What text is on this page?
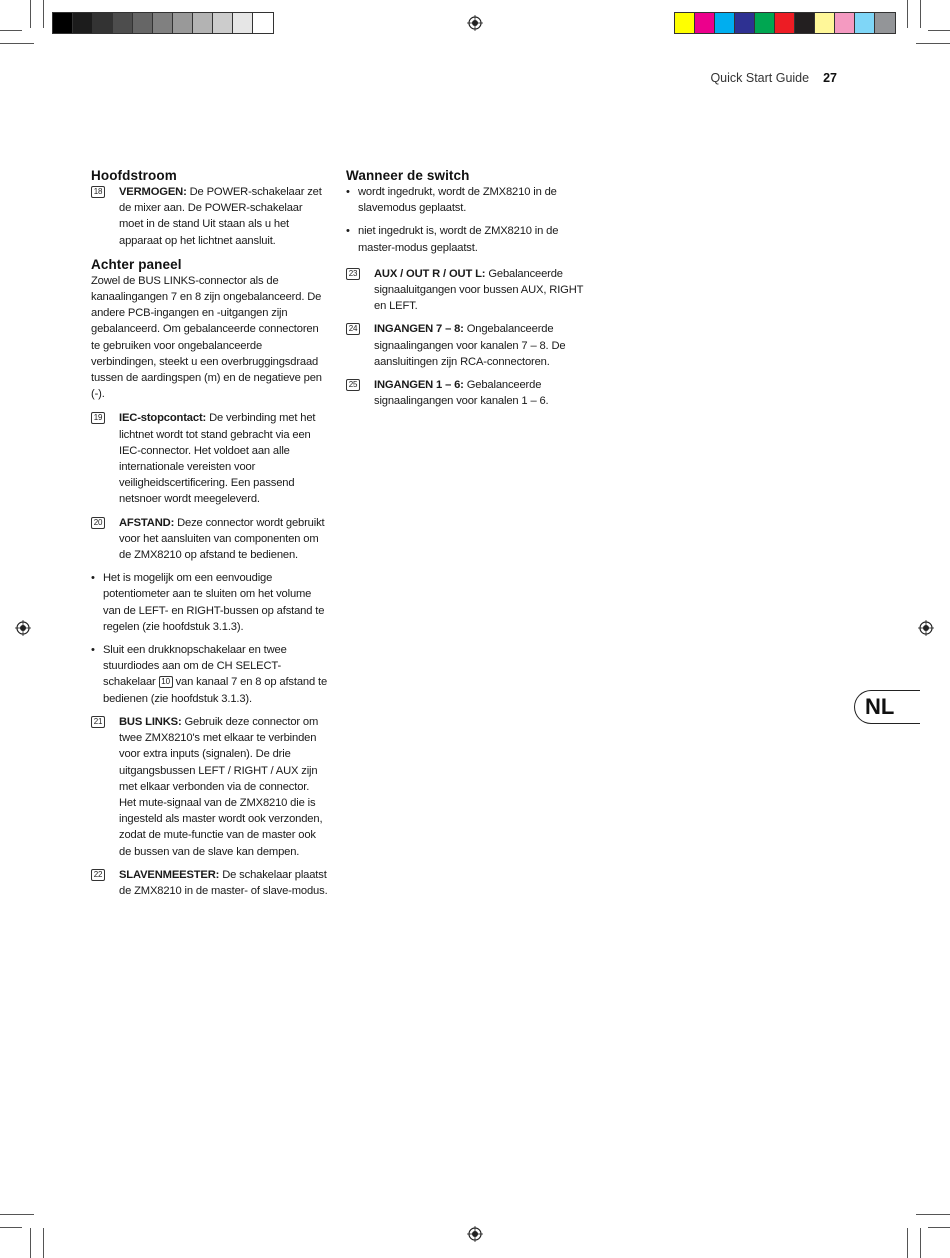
Quick Start Guide 27
Hoofdstroom
18 VERMOGEN: De POWER-schakelaar zet de mixer aan. De POWER-schakelaar moet in de stand Uit staan als u het apparaat op het lichtnet aansluit.
Achter paneel
Zowel de BUS LINKS-connector als de kanaalingangen 7 en 8 zijn ongebalanceerd. De andere PCB-ingangen en -uitgangen zijn gebalanceerd. Om gebalanceerde connectoren te gebruiken voor ongebalanceerde verbindingen, steekt u een overbruggingsdraad tussen de aardingspen (m) en de negatieve pen (-).
19 IEC-stopcontact: De verbinding met het lichtnet wordt tot stand gebracht via een IEC-connector. Het voldoet aan alle internationale vereisten voor veiligheidscertificering. Een passend netsnoer wordt meegeleverd.
20 AFSTAND: Deze connector wordt gebruikt voor het aansluiten van componenten om de ZMX8210 op afstand te bedienen.
• Het is mogelijk om een eenvoudige potentiometer aan te sluiten om het volume van de LEFT- en RIGHT-bussen op afstand te regelen (zie hoofdstuk 3.1.3).
• Sluit een drukknopschakelaar en twee stuurdiodes aan om de CH SELECT-schakelaar 10 van kanaal 7 en 8 op afstand te bedienen (zie hoofdstuk 3.1.3).
21 BUS LINKS: Gebruik deze connector om twee ZMX8210's met elkaar te verbinden voor extra inputs (signalen). De drie uitgangsbussen LEFT / RIGHT / AUX zijn met elkaar verbonden via de connector. Het mute-signaal van de ZMX8210 die is ingesteld als master wordt ook verzonden, zodat de mute-functie van de master ook de bussen van de slave kan dempen.
22 SLAVENMEESTER: De schakelaar plaatst de ZMX8210 in de master- of slave-modus.
Wanneer de switch
• wordt ingedrukt, wordt de ZMX8210 in de slavemodus geplaatst.
• niet ingedrukt is, wordt de ZMX8210 in de master-modus geplaatst.
23 AUX / OUT R / OUT L: Gebalanceerde signaaluitgangen voor bussen AUX, RIGHT en LEFT.
24 INGANGEN 7 – 8: Ongebalanceerde signaalingangen voor kanalen 7 – 8. De aansluitingen zijn RCA-connectoren.
25 INGANGEN 1 – 6: Gebalanceerde signaalingangen voor kanalen 1 – 6.
NL
